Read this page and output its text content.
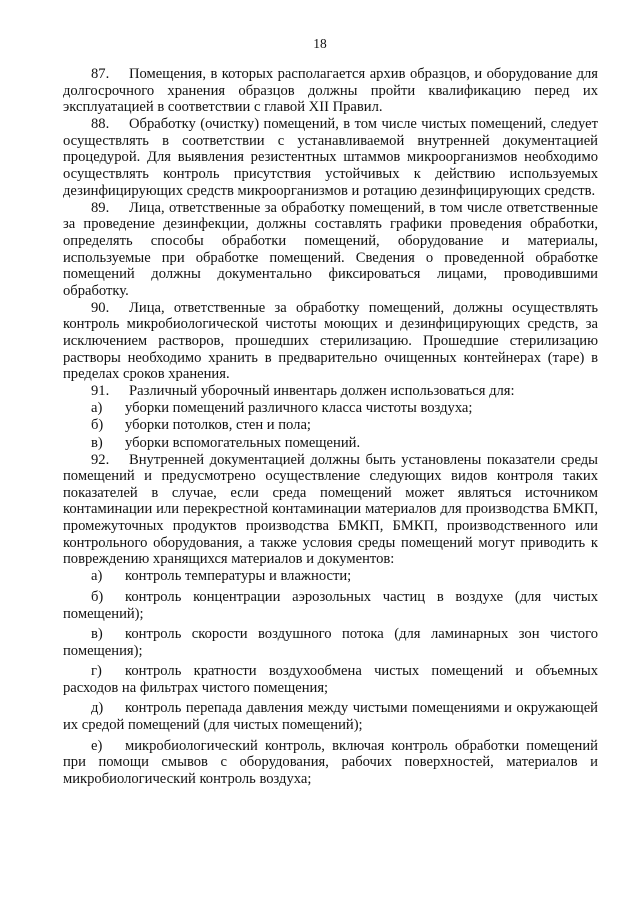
18

87. Помещения, в которых располагается архив образцов, и оборудование для долгосрочного хранения образцов должны пройти квалификацию перед их эксплуатацией в соответствии с главой XII Правил.

88. Обработку (очистку) помещений, в том числе чистых помещений, следует осуществлять в соответствии с устанавливаемой внутренней документацией процедурой. Для выявления резистентных штаммов микроорганизмов необходимо осуществлять контроль присутствия устойчивых к действию используемых дезинфицирующих средств микроорганизмов и ротацию дезинфицирующих средств.

89. Лица, ответственные за обработку помещений, в том числе ответственные за проведение дезинфекции, должны составлять графики проведения обработки, определять способы обработки помещений, оборудование и материалы, используемые при обработке помещений. Сведения о проведенной обработке помещений должны документально фиксироваться лицами, проводившими обработку.

90. Лица, ответственные за обработку помещений, должны осуществлять контроль микробиологической чистоты моющих и дезинфицирующих средств, за исключением растворов, прошедших стерилизацию. Прошедшие стерилизацию растворы необходимо хранить в предварительно очищенных контейнерах (таре) в пределах сроков хранения.

91. Различный уборочный инвентарь должен использоваться для:

а) уборки помещений различного класса чистоты воздуха;

б) уборки потолков, стен и пола;

в) уборки вспомогательных помещений.

92. Внутренней документацией должны быть установлены показатели среды помещений и предусмотрено осуществление следующих видов контроля таких показателей в случае, если среда помещений может являться источником контаминации или перекрестной контаминации материалов для производства БМКП, промежуточных продуктов производства БМКП, БМКП, производственного или контрольного оборудования, а также условия среды помещений могут приводить к повреждению хранящихся материалов и документов:

а) контроль температуры и влажности;

б) контроль концентрации аэрозольных частиц в воздухе (для чистых помещений);

в) контроль скорости воздушного потока (для ламинарных зон чистого помещения);

г) контроль кратности воздухообмена чистых помещений и объемных расходов на фильтрах чистого помещения;

д) контроль перепада давления между чистыми помещениями и окружающей их средой помещений (для чистых помещений);

е) микробиологический контроль, включая контроль обработки помещений при помощи смывов с оборудования, рабочих поверхностей, материалов и микробиологический контроль воздуха;
